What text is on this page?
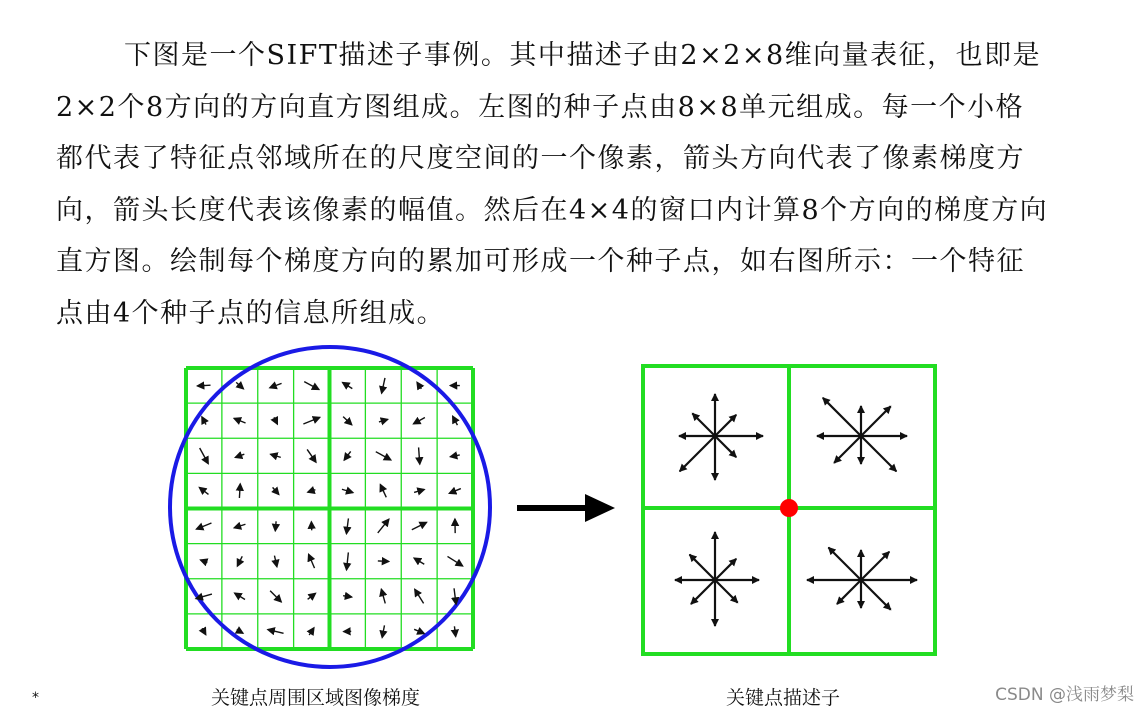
下图是一个SIFT描述子事例。其中描述子由2×2×8维向量表征，也即是
2×2个8方向的方向直方图组成。左图的种子点由8×8单元组成。每一个小格
都代表了特征点邻域所在的尺度空间的一个像素，箭头方向代表了像素梯度方
向，箭头长度代表该像素的幅值。然后在4×4的窗口内计算8个方向的梯度方向
直方图。绘制每个梯度方向的累加可形成一个种子点，如右图所示：一个特征
点由4个种子点的信息所组成。
关键点周围区域图像梯度	关键点描述子
*	CSDN @浅雨梦梨
